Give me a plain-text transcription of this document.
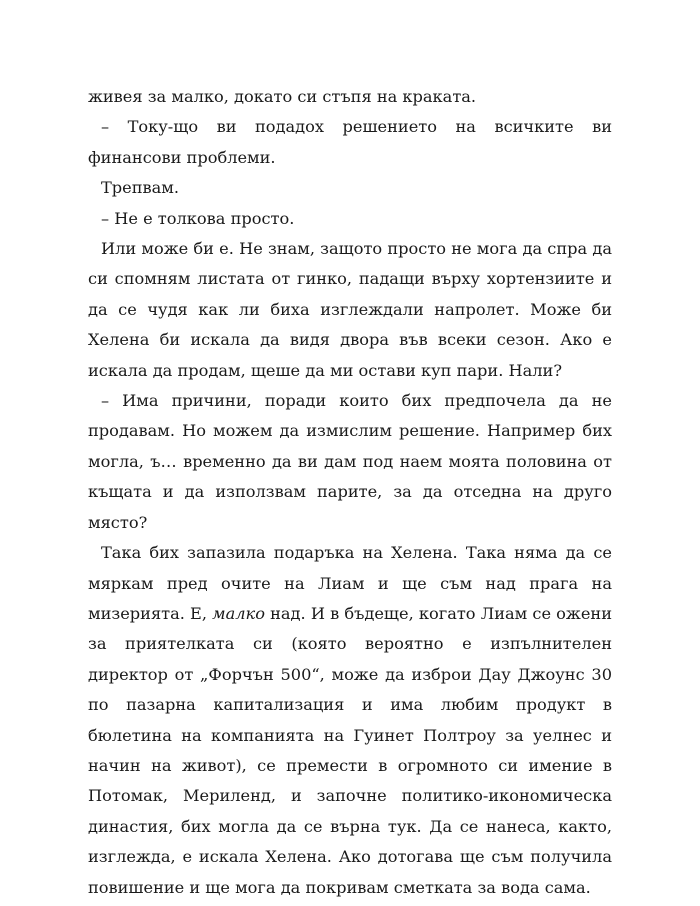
живея за малко, докато си стъпя на краката.

– Току-що ви подадох решението на всичките ви финансови проблеми.

Трепвам.

– Не е толкова просто.

Или може би е. Не знам, защото просто не мога да спра да си спомням листата от гинко, падащи върху хортензиите и да се чудя как ли биха изглеждали напролет. Може би Хелена би искала да видя двора във всеки сезон. Ако е искала да продам, щеше да ми остави куп пари. Нали?

– Има причини, поради които бих предпочела да не продавам. Но можем да измислим решение. Например бих могла, ъ… временно да ви дам под наем моята половина от къщата и да използвам парите, за да отседна на друго място?

Така бих запазила подаръка на Хелена. Така няма да се мяркам пред очите на Лиам и ще съм над прага на мизерията. Е, малко над. И в бъдеще, когато Лиам се ожени за приятелката си (която вероятно е изпълнителен директор от „Форчън 500“, може да изброи Дау Джоунс 30 по пазарна капитализация и има любим продукт в бюлетина на компанията на Гуинет Полтроу за уелнес и начин на живот), се премести в огромното си имение в Потомак, Мериленд, и започне политико-икономическа династия, бих могла да се върна тук. Да се нанеса, както, изглежда, е искала Хелена. Ако дотогава ще съм получила повишение и ще мога да покривам сметката за вода сама.
